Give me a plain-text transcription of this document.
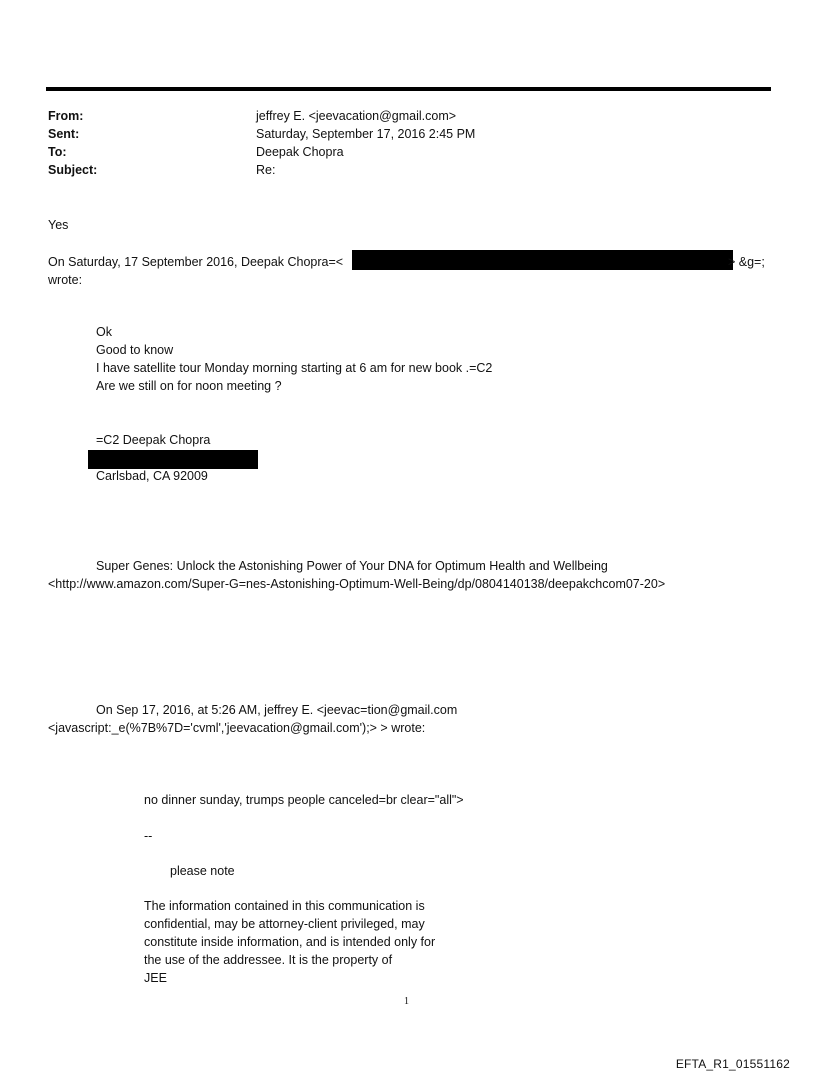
From:	jeffrey E. <jeevacation@gmail.com>
Sent:	Saturday, September 17, 2016 2:45 PM
To:	Deepak Chopra
Subject:	Re:
Yes
On Saturday, 17 September 2016, Deepak Chopra=<	> &g=;
wrote:
Ok
Good to know
I have satellite tour Monday morning starting at 6 am for new book .=C2
Are we still on for noon meeting ?
=C2 Deepak Chopra
Carlsbad, CA 92009
Super Genes: Unlock the Astonishing Power of Your DNA for Optimum Health and Wellbeing
<http://www.amazon.com/Super-G=nes-Astonishing-Optimum-Well-Being/dp/0804140138/deepakchcom07-20>
On Sep 17, 2016, at 5:26 AM, jeffrey E. <jeevac=tion@gmail.com
<javascript:_e(%7B%7D='cvml','jeevacation@gmail.com');> > wrote:
no dinner sunday, trumps people canceled=br clear="all">
--
please note
The information contained in this communication is
confidential, may be attorney-client privileged, may
constitute inside information, and is intended only for
the use of the addressee. It is the property of
JEE
1
EFTA_R1_01551162
